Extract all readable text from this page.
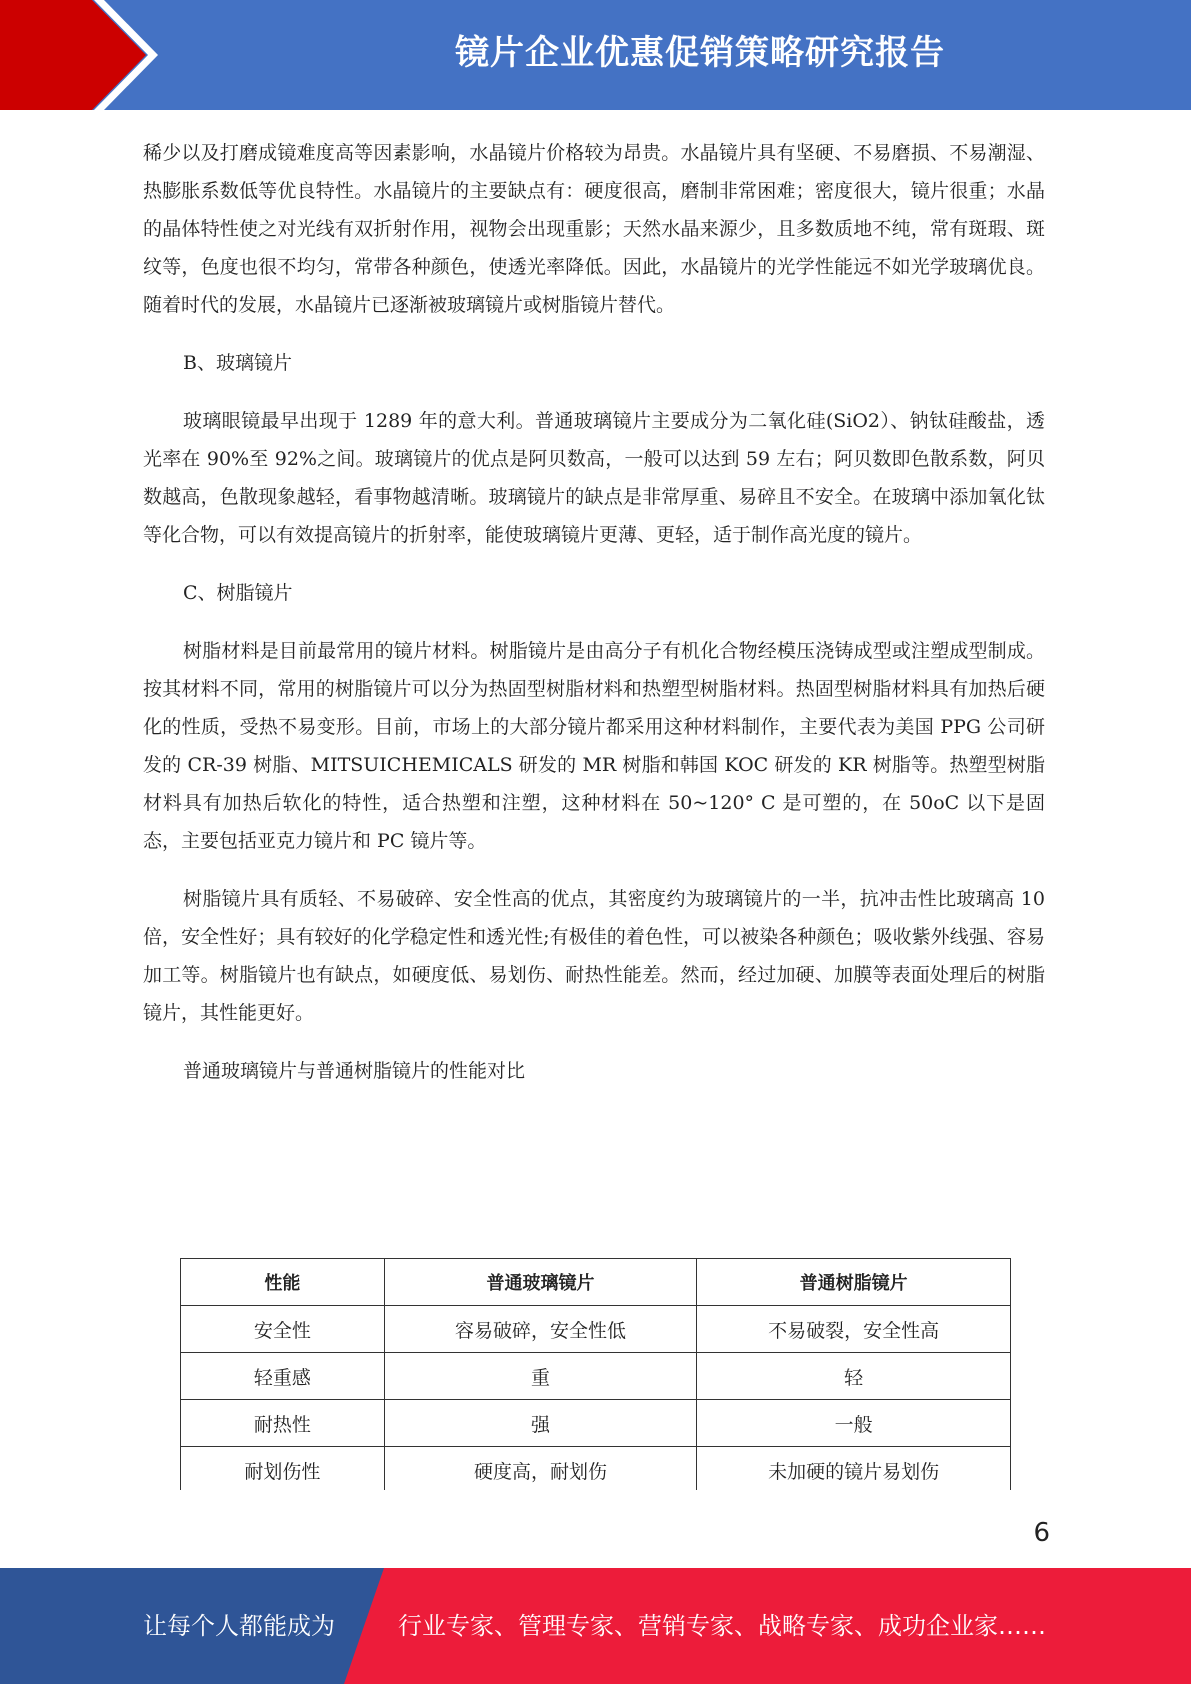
镜片企业优惠促销策略研究报告

稀少以及打磨成镜难度高等因素影响，水晶镜片价格较为昂贵。水晶镜片具有坚硬、不易磨损、不易潮湿、热膨胀系数低等优良特性。水晶镜片的主要缺点有：硬度很高，磨制非常困难；密度很大，镜片很重；水晶的晶体特性使之对光线有双折射作用，视物会出现重影；天然水晶来源少，且多数质地不纯，常有斑瑕、斑纹等，色度也很不均匀，常带各种颜色，使透光率降低。因此，水晶镜片的光学性能远不如光学玻璃优良。随着时代的发展，水晶镜片已逐渐被玻璃镜片或树脂镜片替代。

B、玻璃镜片

玻璃眼镜最早出现于 1289 年的意大利。普通玻璃镜片主要成分为二氧化硅(SiO2）、钠钛硅酸盐，透光率在 90%至 92%之间。玻璃镜片的优点是阿贝数高，一般可以达到 59 左右；阿贝数即色散系数，阿贝数越高，色散现象越轻，看事物越清晰。玻璃镜片的缺点是非常厚重、易碎且不安全。在玻璃中添加氧化钛等化合物，可以有效提高镜片的折射率，能使玻璃镜片更薄、更轻，适于制作高光度的镜片。

C、树脂镜片

树脂材料是目前最常用的镜片材料。树脂镜片是由高分子有机化合物经模压浇铸成型或注塑成型制成。按其材料不同，常用的树脂镜片可以分为热固型树脂材料和热塑型树脂材料。热固型树脂材料具有加热后硬化的性质，受热不易变形。目前，市场上的大部分镜片都采用这种材料制作，主要代表为美国 PPG 公司研发的 CR-39 树脂、MITSUICHEMICALS 研发的 MR 树脂和韩国 KOC 研发的 KR 树脂等。热塑型树脂材料具有加热后软化的特性，适合热塑和注塑，这种材料在 50~120° C 是可塑的，在 50oC 以下是固态，主要包括亚克力镜片和 PC 镜片等。

树脂镜片具有质轻、不易破碎、安全性高的优点，其密度约为玻璃镜片的一半，抗冲击性比玻璃高 10 倍，安全性好；具有较好的化学稳定性和透光性;有极佳的着色性，可以被染各种颜色；吸收紫外线强、容易加工等。树脂镜片也有缺点，如硬度低、易划伤、耐热性能差。然而，经过加硬、加膜等表面处理后的树脂镜片，其性能更好。

普通玻璃镜片与普通树脂镜片的性能对比

性能	普通玻璃镜片	普通树脂镜片
安全性	容易破碎，安全性低	不易破裂，安全性高
轻重感	重	轻
耐热性	强	一般
耐划伤性	硬度高，耐划伤	未加硬的镜片易划伤
6
让每个人都能成为	行业专家、管理专家、营销专家、战略专家、成功企业家……
